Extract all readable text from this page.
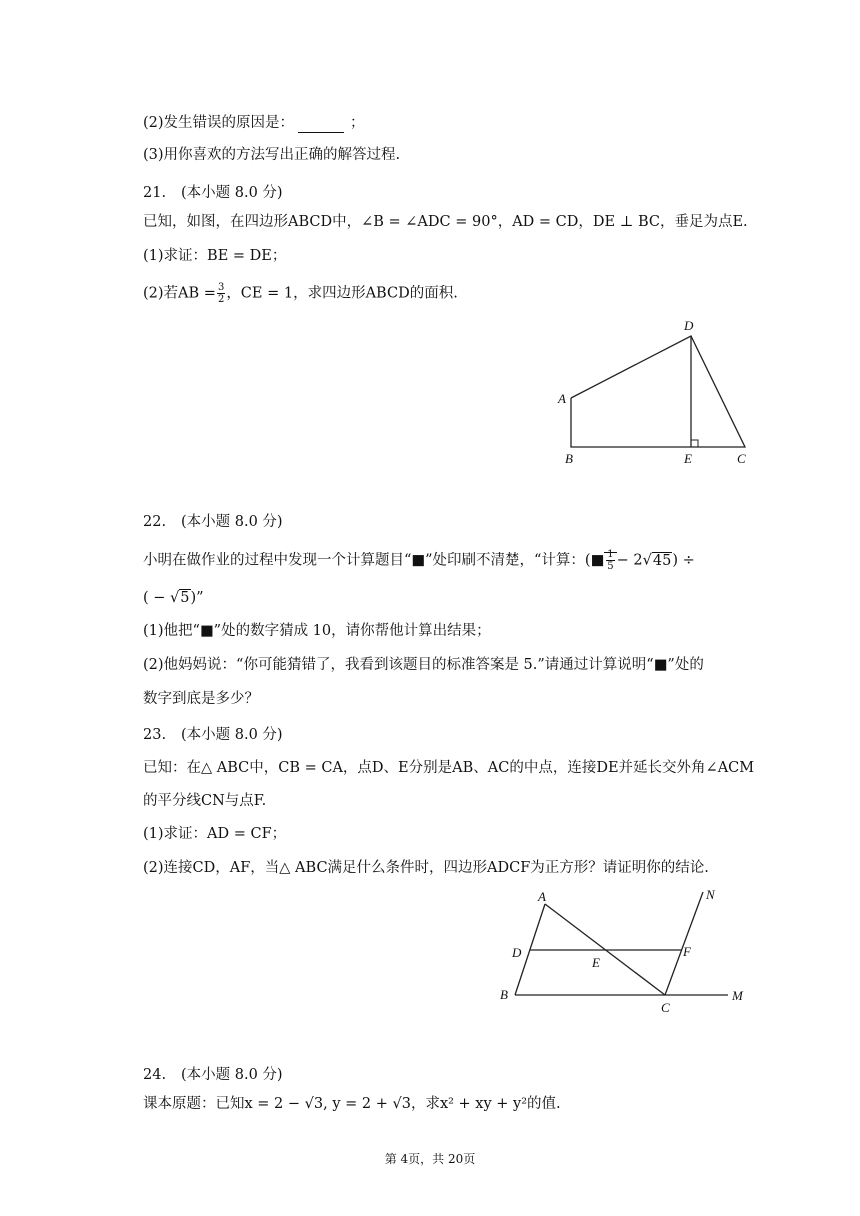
(2)发生错误的原因是：	；
(3)用你喜欢的方法写出正确的解答过程.
21. (本小题 8.0 分)
已知，如图，在四边形ABCD中，∠B = ∠ADC = 90°，AD = CD，DE ⊥ BC，垂足为点E.
(1)求证：BE = DE；
(2)若AB = $\frac{3}{2}$ ，CE = 1，求四边形ABCD的面积.
A
B	C
D
E
22. (本小题 8.0 分)
小明在做作业的过程中发现一个计算题目“■”处印刷不清楚，“计算：(■ $\frac{1}{5} - 2√45$) ÷
( − √5)”
(1)他把“■”处的数字猜成 10，请你帮他计算出结果；
(2)他妈妈说：“你可能猜错了，我看到该题目的标准答案是 5.”请通过计算说明“■”处的
数字到底是多少？
23. (本小题 8.0 分)
已知：在△ ABC中，CB = CA，点D、E分别是AB、AC的中点，连接DE并延长交外角∠ACM
的平分线CN与点F.
(1)求证：AD = CF；
(2)连接CD，AF，当△ ABC满足什么条件时，四边形ADCF为正方形？请证明你的结论.
A
B
C
D
E
F
M
N
24. (本小题 8.0 分)
课本原题：已知x = 2 − √3, y = 2 + √3，求x² + xy + y²的值.
第 4页，共 20页
